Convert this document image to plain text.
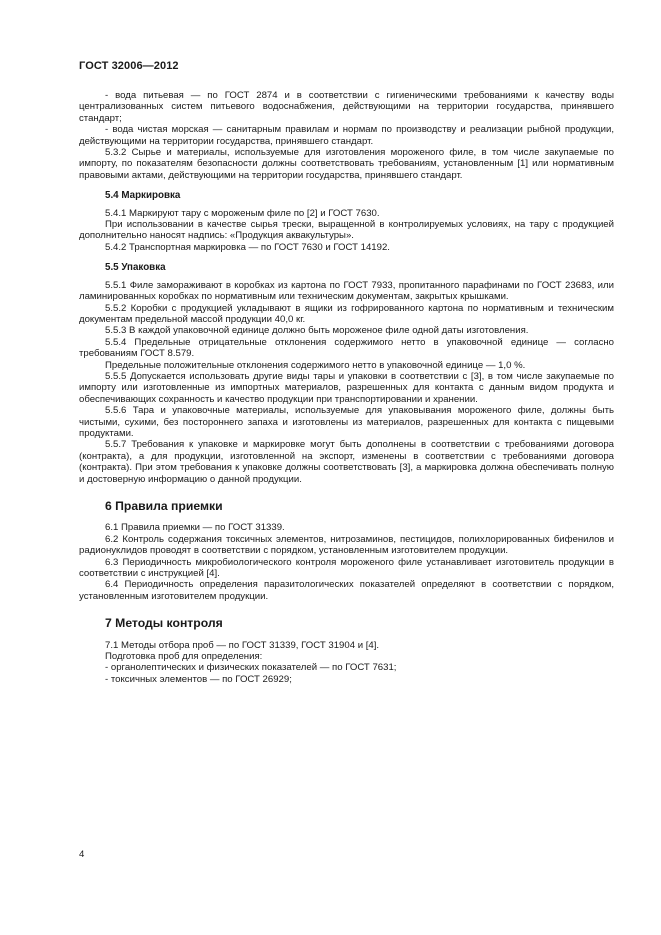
ГОСТ 32006—2012

- вода питьевая — по ГОСТ 2874 и в соответствии с гигиеническими требованиями к качеству воды централизованных систем питьевого водоснабжения, действующими на территории государства, принявшего стандарт;

- вода чистая морская — санитарным правилам и нормам по производству и реализации рыбной продукции, действующими на территории государства, принявшего стандарт.

5.3.2 Сырье и материалы, используемые для изготовления мороженого филе, в том числе закупаемые по импорту, по показателям безопасности должны соответствовать требованиям, установленным [1] или нормативным правовыми актами, действующими на территории государства, принявшего стандарт.

5.4 Маркировка

5.4.1 Маркируют тару с мороженым филе по [2] и ГОСТ 7630.

При использовании в качестве сырья трески, выращенной в контролируемых условиях, на тару с продукцией дополнительно наносят надпись: «Продукция аквакультуры».

5.4.2 Транспортная маркировка — по ГОСТ 7630 и ГОСТ 14192.

5.5 Упаковка

5.5.1 Филе замораживают в коробках из картона по ГОСТ 7933, пропитанного парафинами по ГОСТ 23683, или ламинированных коробках по нормативным или техническим документам, закрытых крышками.

5.5.2 Коробки с продукцией укладывают в ящики из гофрированного картона по нормативным и техническим документам предельной массой продукции 40,0 кг.

5.5.3 В каждой упаковочной единице должно быть мороженое филе одной даты изготовления.

5.5.4 Предельные отрицательные отклонения содержимого нетто в упаковочной единице — согласно требованиям ГОСТ 8.579.

Предельные положительные отклонения содержимого нетто в упаковочной единице — 1,0 %.

5.5.5 Допускается использовать другие виды тары и упаковки в соответствии с [3], в том числе закупаемые по импорту или изготовленные из импортных материалов, разрешенных для контакта с данным видом продукта и обеспечивающих сохранность и качество продукции при транспортировании и хранении.

5.5.6 Тара и упаковочные материалы, используемые для упаковывания мороженого филе, должны быть чистыми, сухими, без постороннего запаха и изготовлены из материалов, разрешенных для контакта с пищевыми продуктами.

5.5.7 Требования к упаковке и маркировке могут быть дополнены в соответствии с требованиями договора (контракта), а для продукции, изготовленной на экспорт, изменены в соответствии с требованиями договора (контракта). При этом требования к упаковке должны соответствовать [3], а маркировка должна обеспечивать полную и достоверную информацию о данной продукции.

6 Правила приемки

6.1 Правила приемки — по ГОСТ 31339.

6.2 Контроль содержания токсичных элементов, нитрозаминов, пестицидов, полихлорированных бифенилов и радионуклидов проводят в соответствии с порядком, установленным изготовителем продукции.

6.3 Периодичность микробиологического контроля мороженого филе устанавливает изготовитель продукции в соответствии с инструкцией [4].

6.4 Периодичность определения паразитологических показателей определяют в соответствии с порядком, установленным изготовителем продукции.

7 Методы контроля

7.1 Методы отбора проб — по ГОСТ 31339, ГОСТ 31904 и [4].

Подготовка проб для определения:

- органолептических и физических показателей — по ГОСТ 7631;

- токсичных элементов — по ГОСТ 26929;

4
